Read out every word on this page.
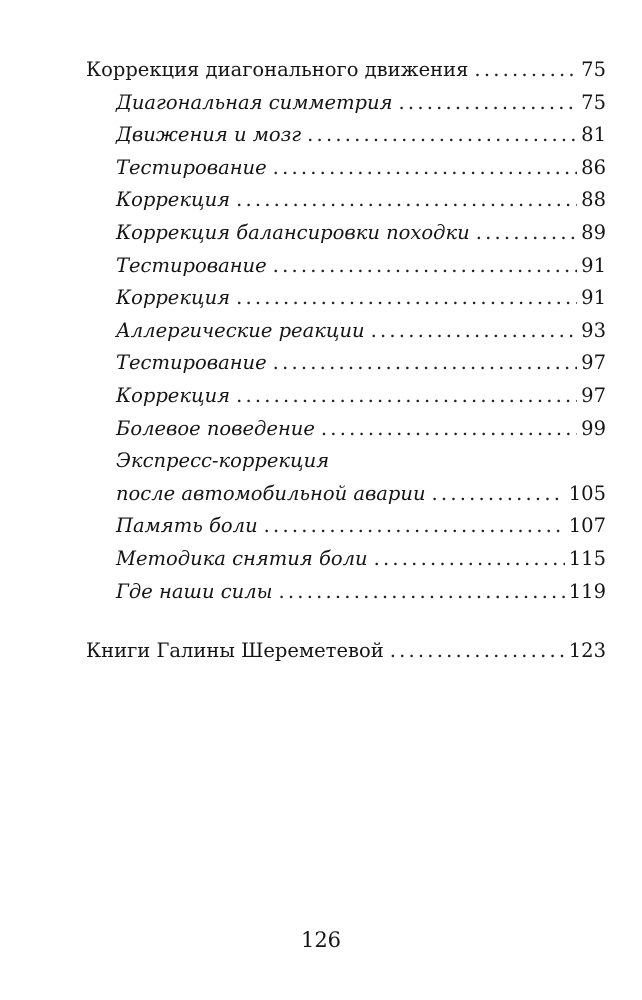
Коррекция диагонального движения .....	75
Диагональная симметрия .....	75
Движения и мозг .....	81
Тестирование .....	86
Коррекция .....	88
Коррекция балансировки походки .....	89
Тестирование .....	91
Коррекция .....	91
Аллергические реакции .....	93
Тестирование .....	97
Коррекция .....	97
Болевое поведение .....	99
Экспресс-коррекция
после автомобильной аварии .....	105
Память боли .....	107
Методика снятия боли .....	115
Где наши силы .....	119
Книги Галины Шереметевой .....	123
126
